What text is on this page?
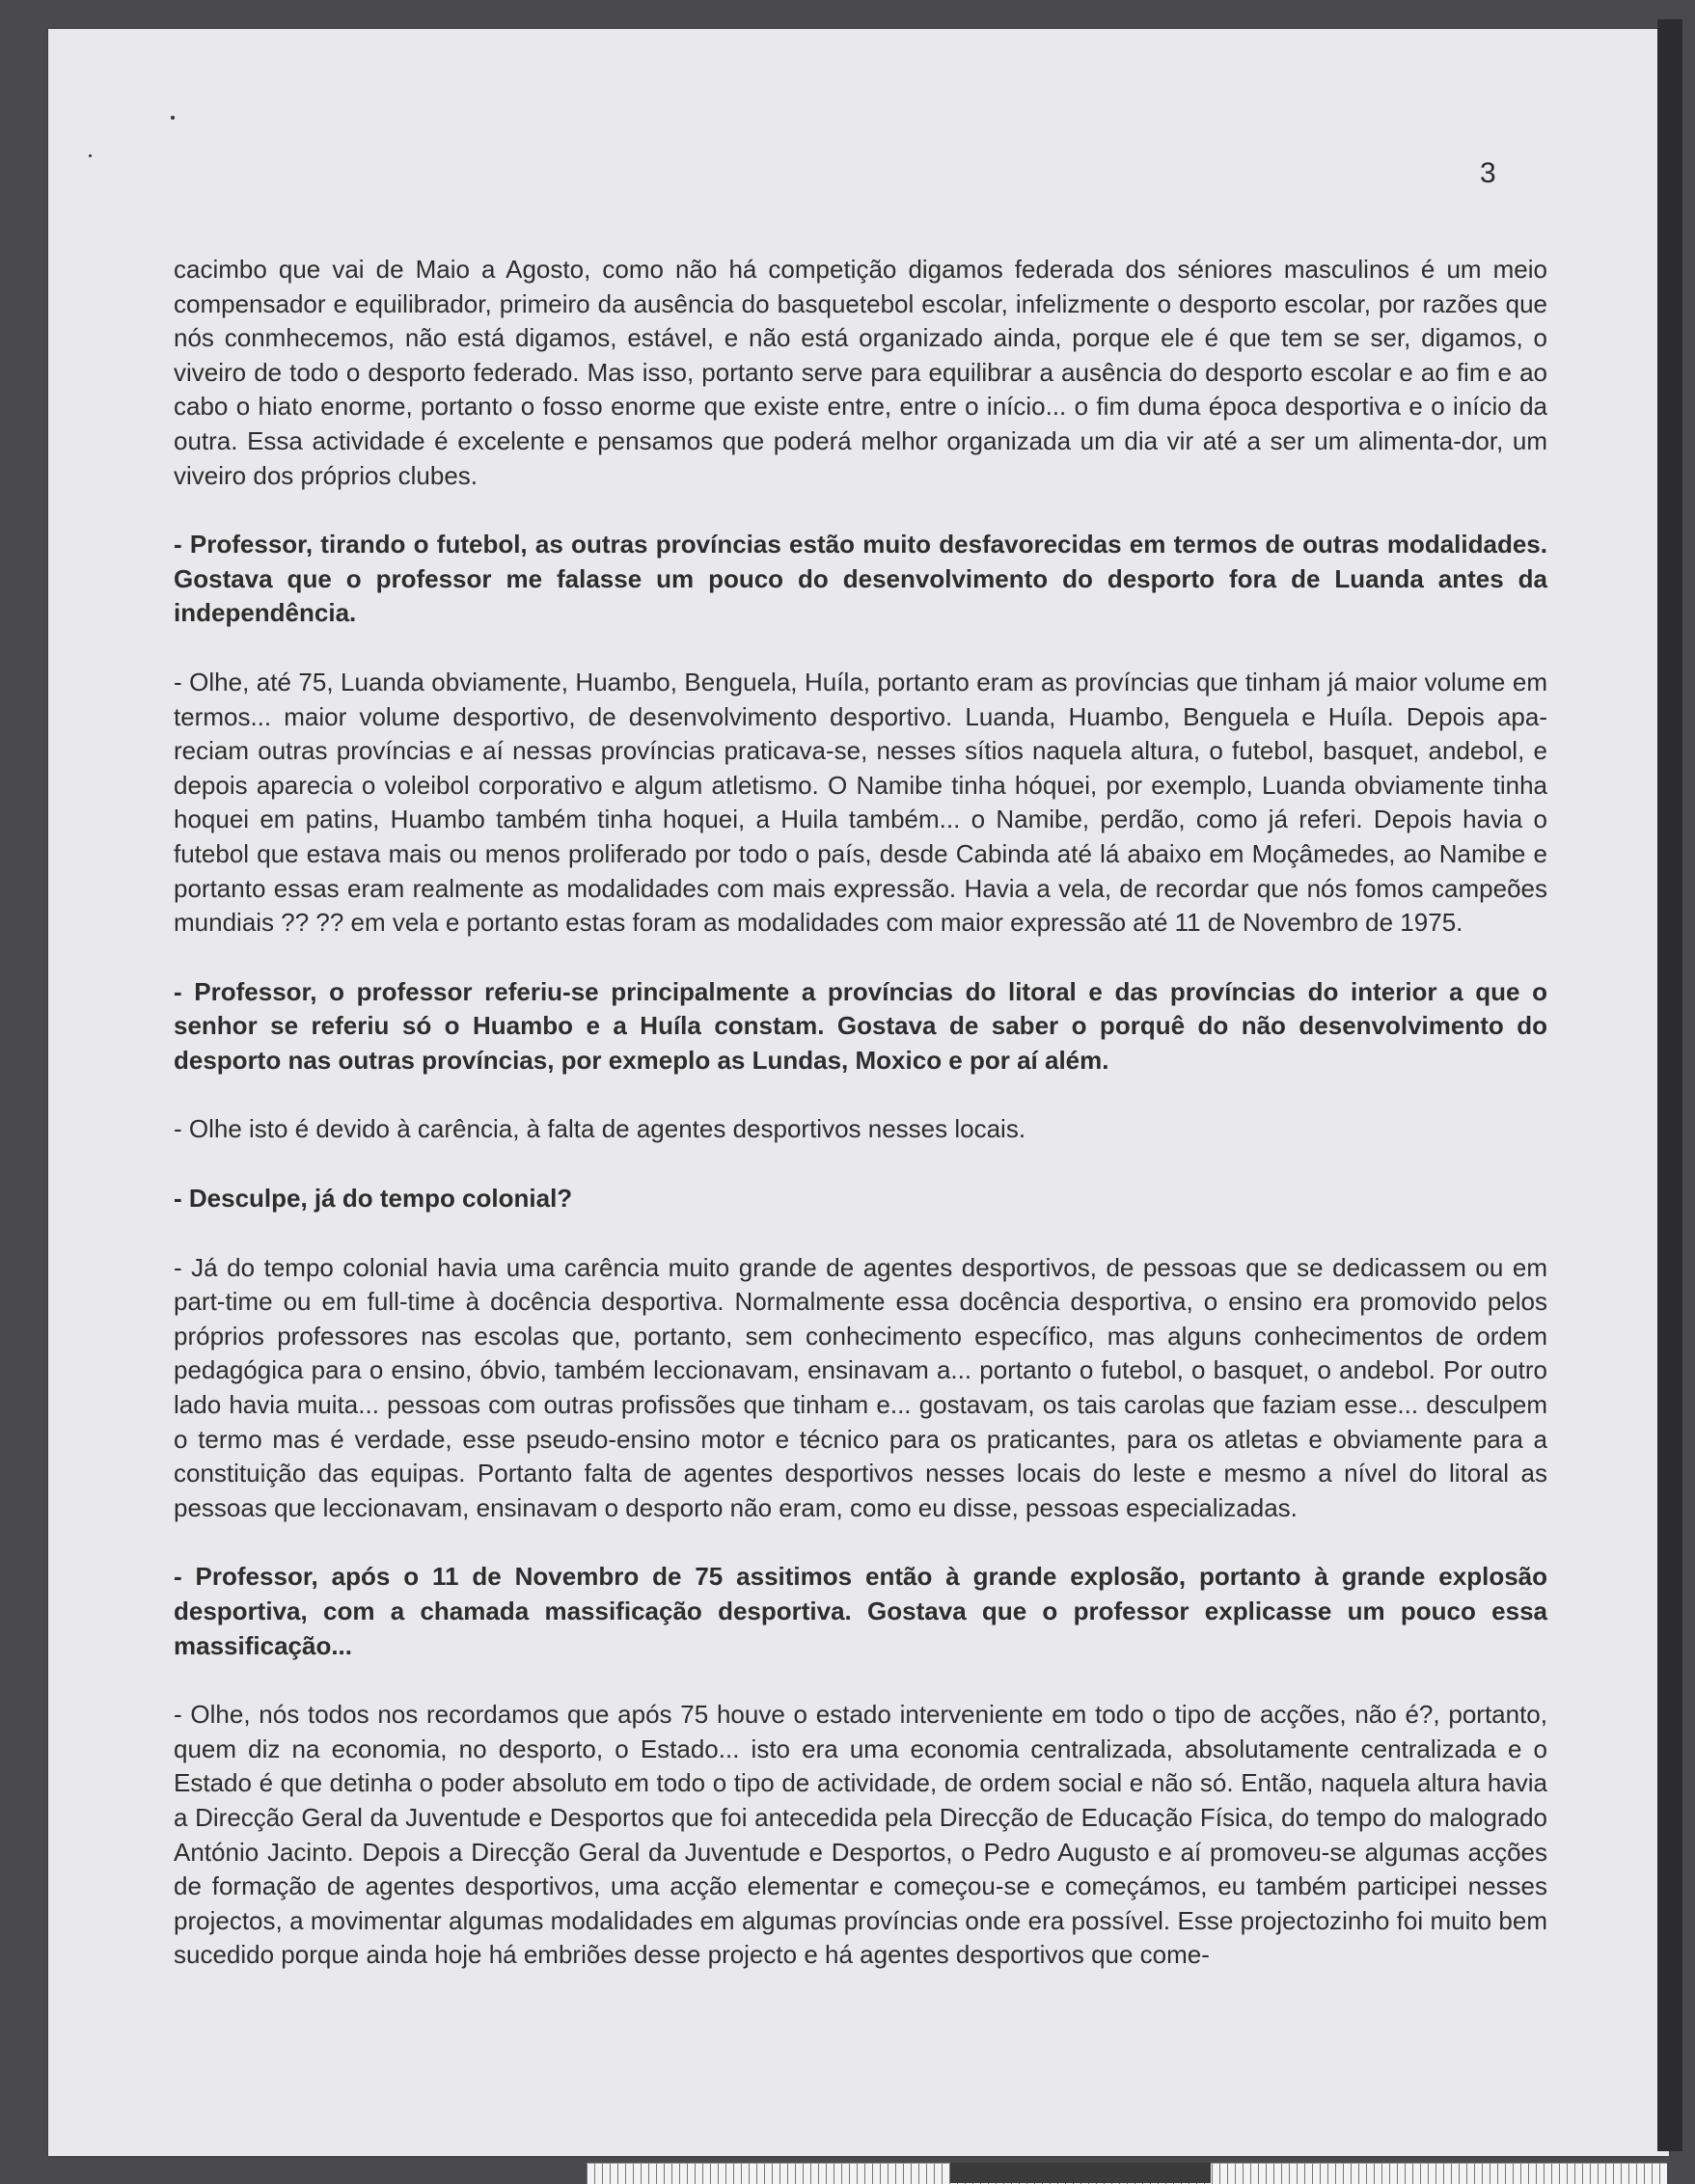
3

cacimbo que vai de Maio a Agosto, como não há competição digamos federada dos séniores masculinos é um meio compensador e equilibrador, primeiro da ausência do basquetebol escolar, infelizmente o desporto escolar, por razões que nós conmhecemos, não está digamos, estável, e não está organizado ainda, porque ele é que tem se ser, digamos, o viveiro de todo o desporto federado. Mas isso, portanto serve para equilibrar a ausência do desporto escolar e ao fim e ao cabo o hiato enorme, portanto o fosso enorme que existe entre, entre o início... o fim duma época desportiva e o início da outra. Essa actividade é excelente e pensamos que poderá melhor organizada um dia vir até a ser um alimenta-dor, um viveiro dos próprios clubes.

- Professor, tirando o futebol, as outras províncias estão muito desfavorecidas em termos de outras modalidades. Gostava que o professor me falasse um pouco do desenvolvimento do desporto fora de Luanda antes da independência.

- Olhe, até 75, Luanda obviamente, Huambo, Benguela, Huíla, portanto eram as províncias que tinham já maior volume em termos... maior volume desportivo, de desenvolvimento desportivo. Luanda, Huambo, Benguela e Huíla. Depois apa-reciam outras províncias e aí nessas províncias praticava-se, nesses sítios naquela altura, o futebol, basquet, andebol, e depois aparecia o voleibol corporativo e algum atletismo. O Namibe tinha hóquei, por exemplo, Luanda obviamente tinha hoquei em patins, Huambo também tinha hoquei, a Huila também... o Namibe, perdão, como já referi. Depois havia o futebol que estava mais ou menos proliferado por todo o país, desde Cabinda até lá abaixo em Moçâmedes, ao Namibe e portanto essas eram realmente as modalidades com mais expressão. Havia a vela, de recordar que nós fomos campeões mundiais ?? ?? em vela e portanto estas foram as modalidades com maior expressão até 11 de Novembro de 1975.

- Professor, o professor referiu-se principalmente a províncias do litoral e das províncias do interior a que o senhor se referiu só o Huambo e a Huíla constam. Gostava de saber o porquê do não desenvolvimento do desporto nas outras províncias, por exmeplo as Lundas, Moxico e por aí além.

- Olhe isto é devido à carência, à falta de agentes desportivos nesses locais.

- Desculpe, já do tempo colonial?

- Já do tempo colonial havia uma carência muito grande de agentes desportivos, de pessoas que se dedicassem ou em part-time ou em full-time à docência desportiva. Normalmente essa docência desportiva, o ensino era promovido pelos próprios professores nas escolas que, portanto, sem conhecimento específico, mas alguns conhecimentos de ordem pedagógica para o ensino, óbvio, também leccionavam, ensinavam a... portanto o futebol, o basquet, o andebol. Por outro lado havia muita... pessoas com outras profissões que tinham e... gostavam, os tais carolas que faziam esse... desculpem o termo mas é verdade, esse pseudo-ensino motor e técnico para os praticantes, para os atletas e obviamente para a constituição das equipas. Portanto falta de agentes desportivos nesses locais do leste e mesmo a nível do litoral as pessoas que leccionavam, ensinavam o desporto não eram, como eu disse, pessoas especializadas.

- Professor, após o 11 de Novembro de 75 assitimos então à grande explosão, portanto à grande explosão desportiva, com a chamada massificação desportiva. Gostava que o professor explicasse um pouco essa massificação...

- Olhe, nós todos nos recordamos que após 75 houve o estado interveniente em todo o tipo de acções, não é?, portanto, quem diz na economia, no desporto, o Estado... isto era uma economia centralizada, absolutamente centralizada e o Estado é que detinha o poder absoluto em todo o tipo de actividade, de ordem social e não só. Então, naquela altura havia a Direcção Geral da Juventude e Desportos que foi antecedida pela Direcção de Educação Física, do tempo do malogrado António Jacinto. Depois a Direcção Geral da Juventude e Desportos, o Pedro Augusto e aí promoveu-se algumas acções de formação de agentes desportivos, uma acção elementar e começou-se e começámos, eu também participei nesses projectos, a movimentar algumas modalidades em algumas províncias onde era possível. Esse projectozinho foi muito bem sucedido porque ainda hoje há embriões desse projecto e há agentes desportivos que come-
